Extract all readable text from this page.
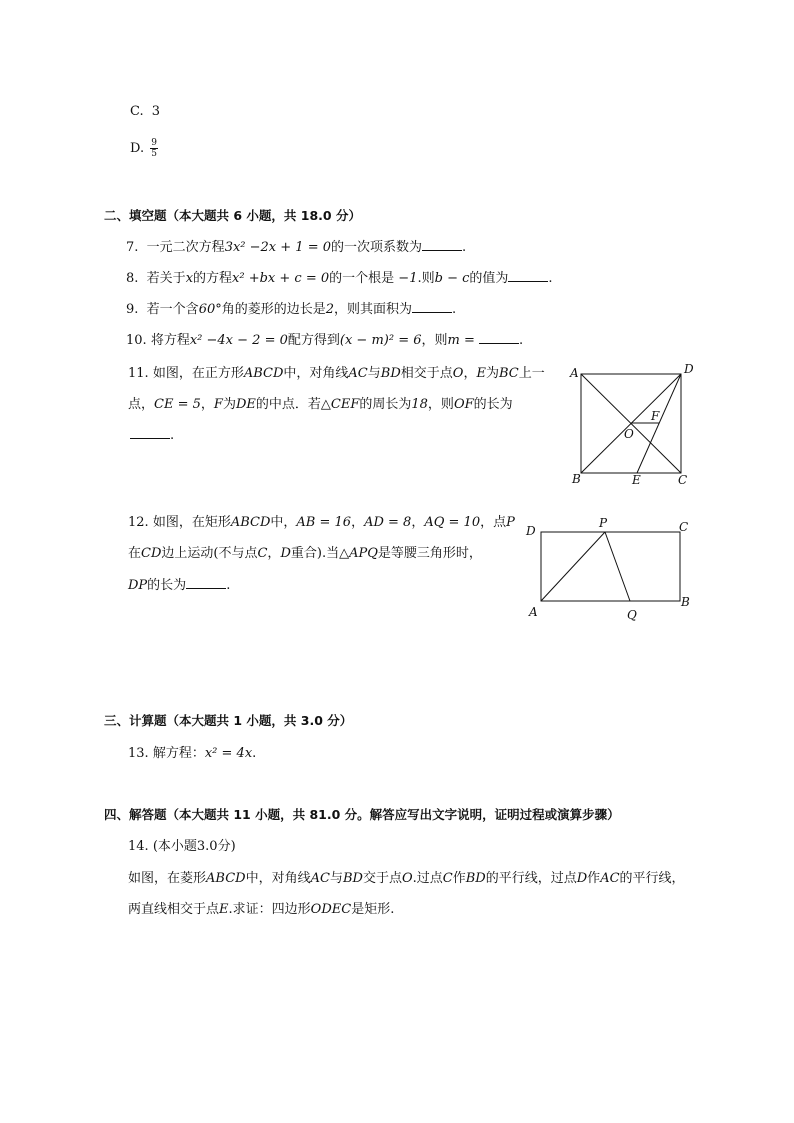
C. 3
D. $\frac{9}{5}$
二、填空题（本大题共 6 小题，共 18.0 分）
7. 一元二次方程3x² −2x + 1 = 0的一次项系数为	.
8. 若关于x的方程x² +bx + c = 0的一个根是 −1.则b − c的值为	.
9. 若一个含60°角的菱形的边长是2，则其面积为	.
10. 将方程x² −4x − 2 = 0配方得到(x − m)² = 6，则m =	.
11. 如图，在正方形ABCD中，对角线AC与BD相交于点O，E为BC上一
点，CE = 5，F为DE的中点．若△CEF的周长为18，则OF的长为
.
A	D
B	C
E
F
O
12. 如图，在矩形ABCD中，AB = 16，AD = 8，AQ = 10，点P
在CD边上运动(不与点C，D重合).当△APQ是等腰三角形时，
DP的长为	.
D
P	C
A	Q
B
三、计算题（本大题共 1 小题，共 3.0 分）
13. 解方程：x² = 4x.
四、解答题（本大题共 11 小题，共 81.0 分。解答应写出文字说明，证明过程或演算步骤）
14. (本小题3.0分)
如图，在菱形ABCD中，对角线AC与BD交于点O.过点C作BD的平行线，过点D作AC的平行线，
两直线相交于点E.求证：四边形ODEC是矩形.
